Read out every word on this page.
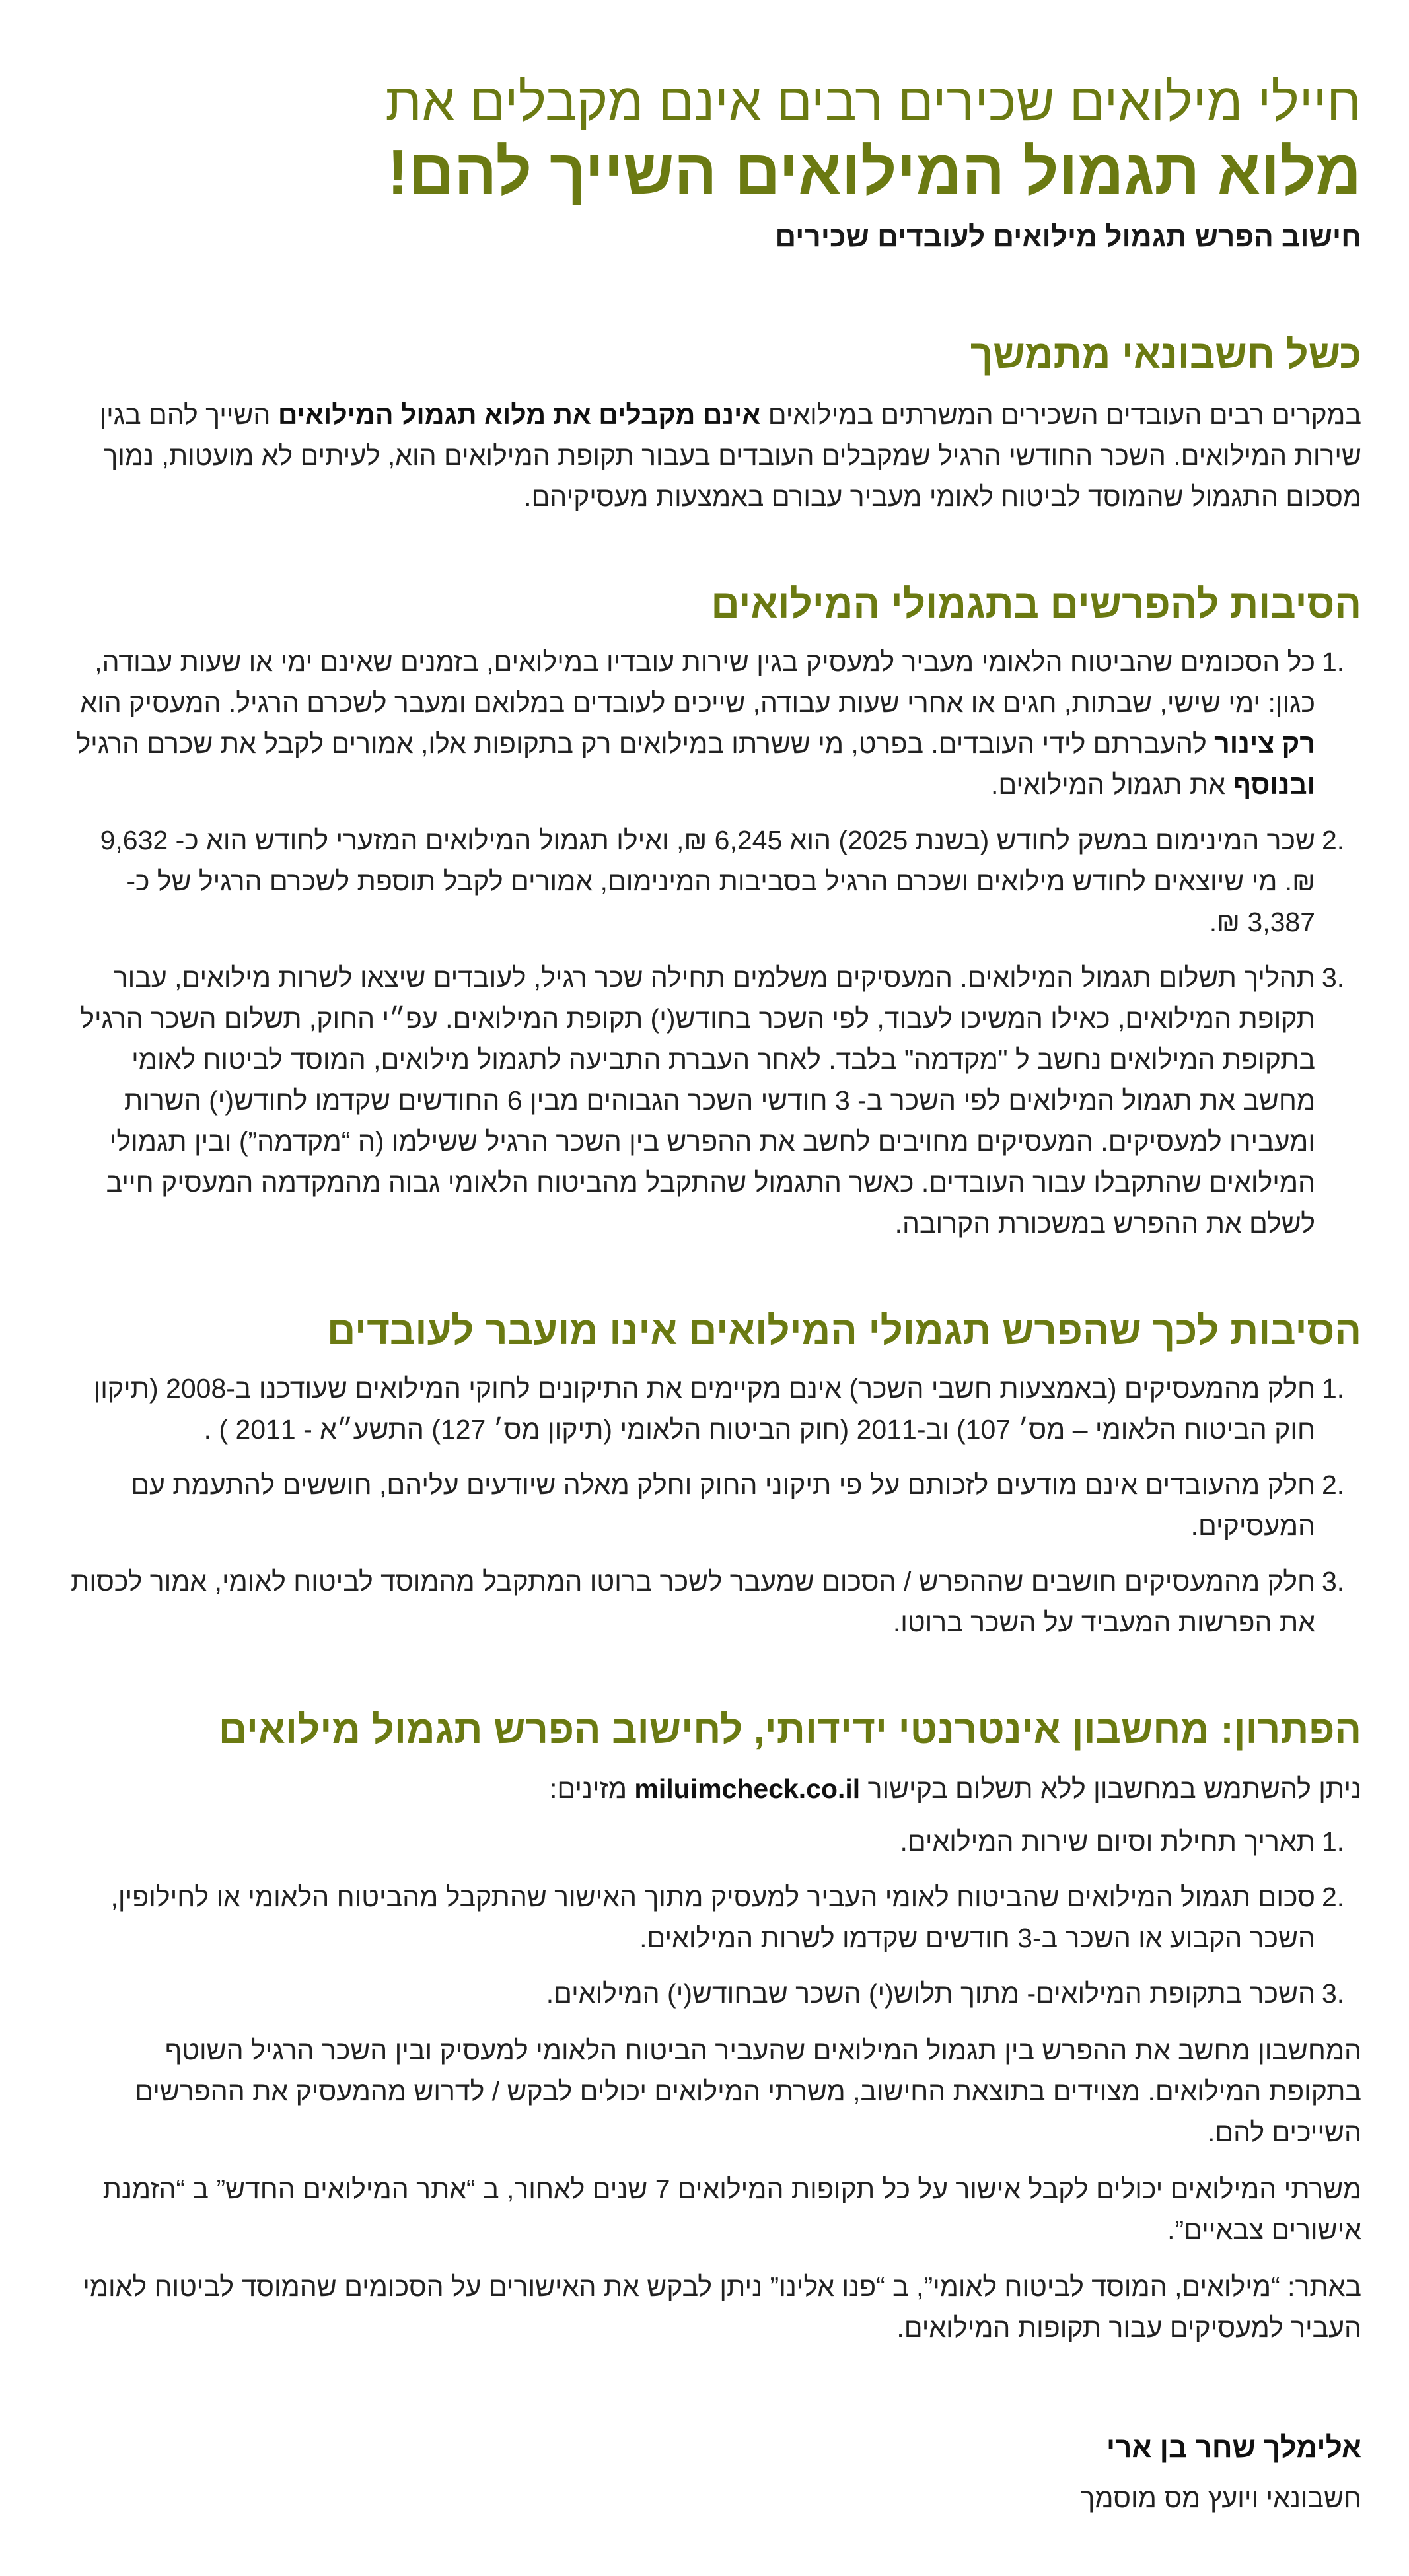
חיילי מילואים שכירים רבים אינם מקבלים את
מלוא תגמול המילואים השייך להם!

חישוב הפרש תגמול מילואים לעובדים שכירים

כשל חשבונאי מתמשך

במקרים רבים העובדים השכירים המשרתים במילואים אינם מקבלים את מלוא תגמול המילואים השייך להם בגין שירות המילואים. השכר החודשי הרגיל שמקבלים העובדים בעבור תקופת המילואים הוא, לעיתים לא מועטות, נמוך מסכום התגמול שהמוסד לביטוח לאומי מעביר עבורם באמצעות מעסיקיהם.

הסיבות להפרשים בתגמולי המילואים
1.
כל הסכומים שהביטוח הלאומי מעביר למעסיק בגין שירות עובדיו במילואים, בזמנים שאינם ימי או שעות עבודה, כגון: ימי שישי, שבתות, חגים או אחרי שעות עבודה, שייכים לעובדים במלואם ומעבר לשכרם הרגיל. המעסיק הוא רק צינור להעברתם לידי העובדים. בפרט, מי ששרתו במילואים רק בתקופות אלו, אמורים לקבל את שכרם הרגיל ובנוסף את תגמול המילואים.
2.
שכר המינימום במשק לחודש (בשנת 2025) הוא 6,245 ₪, ואילו תגמול המילואים המזערי לחודש הוא כ- 9,632 ₪. מי שיוצאים לחודש מילואים ושכרם הרגיל בסביבות המינימום, אמורים לקבל תוספת לשכרם הרגיל של כ- 3,387 ₪.
3.
תהליך תשלום תגמול המילואים. המעסיקים משלמים תחילה שכר רגיל, לעובדים שיצאו לשרות מילואים, עבור תקופת המילואים, כאילו המשיכו לעבוד, לפי השכר בחודש(י) תקופת המילואים. עפ״י החוק, תשלום השכר הרגיל בתקופת המילואים נחשב ל "מקדמה" בלבד. לאחר העברת התביעה לתגמול מילואים, המוסד לביטוח לאומי מחשב את תגמול המילואים לפי השכר ב- 3 חודשי השכר הגבוהים מבין 6 החודשים שקדמו לחודש(י) השרות ומעבירו למעסיקים. המעסיקים מחויבים לחשב את ההפרש בין השכר הרגיל ששילמו (ה “מקדמה”) ובין תגמולי המילואים שהתקבלו עבור העובדים. כאשר התגמול שהתקבל מהביטוח הלאומי גבוה מהמקדמה המעסיק חייב לשלם את ההפרש במשכורת הקרובה.
הסיבות לכך שהפרש תגמולי המילואים אינו מועבר לעובדים
1.
חלק מהמעסיקים (באמצעות חשבי השכר) אינם מקיימים את התיקונים לחוקי המילואים שעודכנו ב-2008 (תיקון חוק הביטוח הלאומי – מס׳ 107) וב-2011 (חוק הביטוח הלאומי (תיקון מס׳ 127) התשע״א - 2011 ) .
2.
חלק מהעובדים אינם מודעים לזכותם על פי תיקוני החוק וחלק מאלה שיודעים עליהם, חוששים להתעמת עם המעסיקים.
3.
חלק מהמעסיקים חושבים שההפרש / הסכום שמעבר לשכר ברוטו המתקבל מהמוסד לביטוח לאומי, אמור לכסות את הפרשות המעביד על השכר ברוטו.
הפתרון: מחשבון אינטרנטי ידידותי, לחישוב הפרש תגמול מילואים

ניתן להשתמש במחשבון ללא תשלום בקישור miluimcheck.co.il מזינים:

1.
תאריך תחילת וסיום שירות המילואים.
2.
סכום תגמול המילואים שהביטוח לאומי העביר למעסיק מתוך האישור שהתקבל מהביטוח הלאומי או לחילופין, השכר הקבוע או השכר ב-3 חודשים שקדמו לשרות המילואים.
3.
השכר בתקופת המילואים- מתוך תלוש(י) השכר שבחודש(י) המילואים.

המחשבון מחשב את ההפרש בין תגמול המילואים שהעביר הביטוח הלאומי למעסיק ובין השכר הרגיל השוטף בתקופת המילואים. מצוידים בתוצאת החישוב, משרתי המילואים יכולים לבקש / לדרוש מהמעסיק את ההפרשים השייכים להם.

משרתי המילואים יכולים לקבל אישור על כל תקופות המילואים 7 שנים לאחור, ב “אתר המילואים החדש” ב “הזמנת אישורים צבאיים”.

באתר: “מילואים, המוסד לביטוח לאומי”, ב “פנו אלינו” ניתן לבקש את האישורים על הסכומים שהמוסד לביטוח לאומי העביר למעסיקים עבור תקופות המילואים.

אלימלך שחר בן ארי

חשבונאי ויועץ מס מוסמך
